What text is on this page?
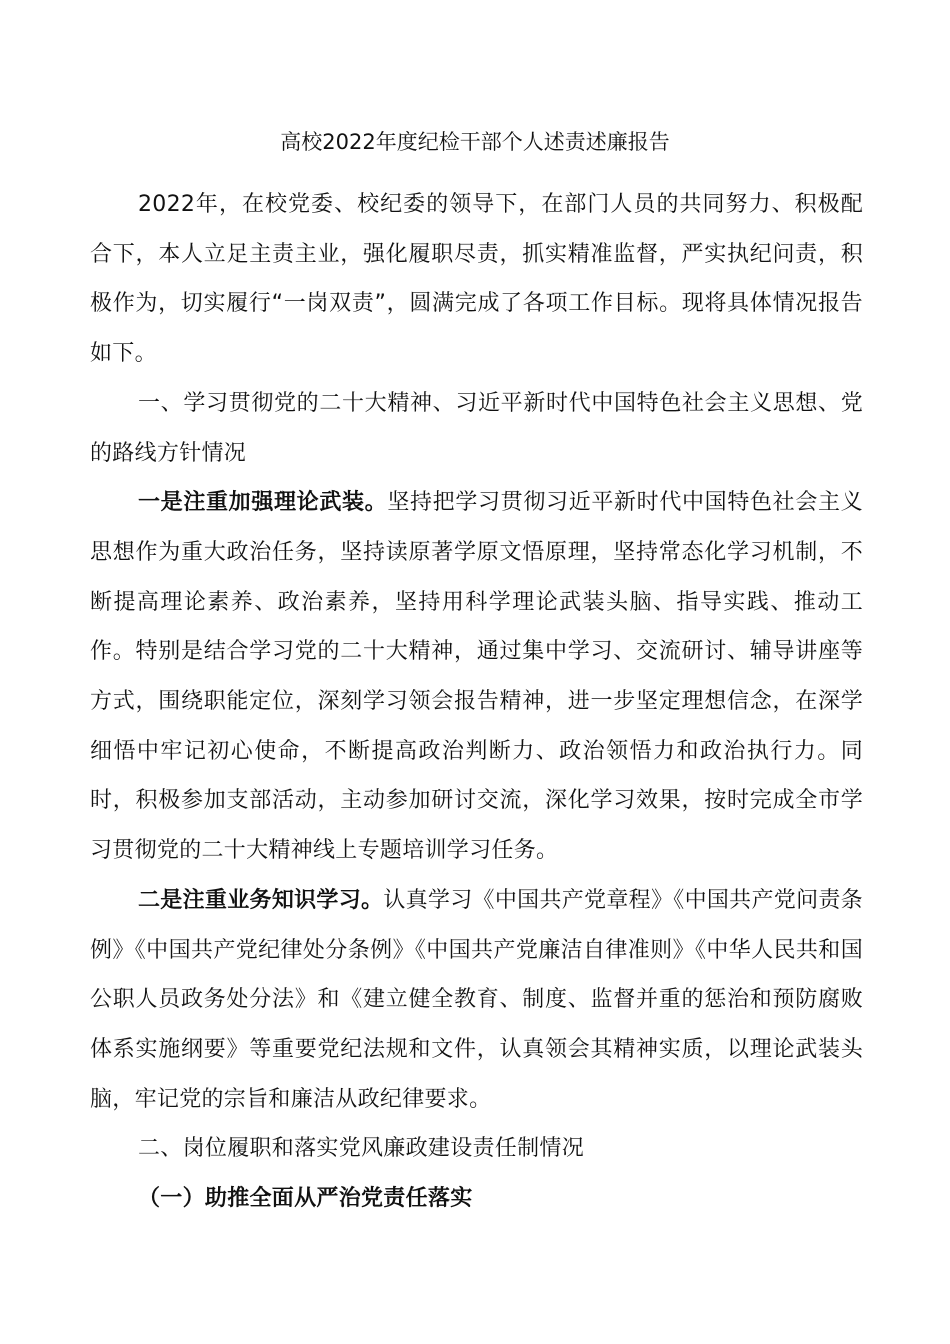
高校2022年度纪检干部个人述责述廉报告

2022年，在校党委、校纪委的领导下，在部门人员的共同努力、积极配合下，本人立足主责主业，强化履职尽责，抓实精准监督，严实执纪问责，积极作为，切实履行“一岗双责”，圆满完成了各项工作目标。现将具体情况报告如下。

一、学习贯彻党的二十大精神、习近平新时代中国特色社会主义思想、党的路线方针情况

一是注重加强理论武装。坚持把学习贯彻习近平新时代中国特色社会主义思想作为重大政治任务，坚持读原著学原文悟原理，坚持常态化学习机制，不断提高理论素养、政治素养，坚持用科学理论武装头脑、指导实践、推动工作。特别是结合学习党的二十大精神，通过集中学习、交流研讨、辅导讲座等方式，围绕职能定位，深刻学习领会报告精神，进一步坚定理想信念，在深学细悟中牢记初心使命，不断提高政治判断力、政治领悟力和政治执行力。同时，积极参加支部活动，主动参加研讨交流，深化学习效果，按时完成全市学习贯彻党的二十大精神线上专题培训学习任务。

二是注重业务知识学习。认真学习《中国共产党章程》《中国共产党问责条例》《中国共产党纪律处分条例》《中国共产党廉洁自律准则》《中华人民共和国公职人员政务处分法》和《建立健全教育、制度、监督并重的惩治和预防腐败体系实施纲要》等重要党纪法规和文件，认真领会其精神实质，以理论武装头脑，牢记党的宗旨和廉洁从政纪律要求。

二、岗位履职和落实党风廉政建设责任制情况

（一）助推全面从严治党责任落实
